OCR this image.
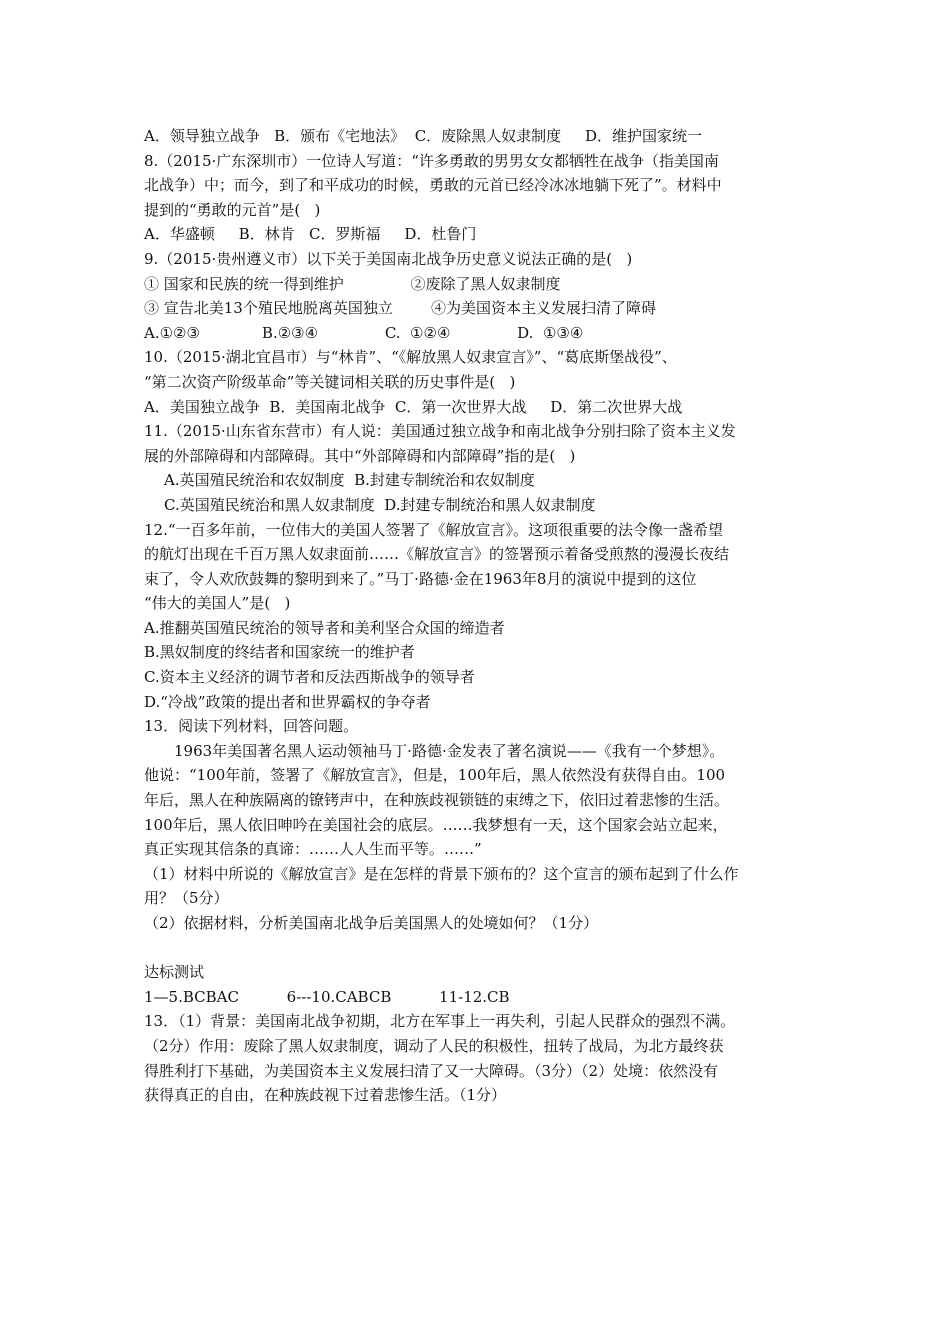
A．领导独立战争   B．颁布《宅地法》  C．废除黑人奴隶制度     D．维护国家统一
8.（2015·广东深圳市）一位诗人写道：“许多勇敢的男男女女都牺牲在战争（指美国南
北战争）中；而今，到了和平成功的时候，勇敢的元首已经冷冰冰地躺下死了”。材料中
提到的“勇敢的元首”是(   )
A．华盛顿     B．林肯   C．罗斯福     D．杜鲁门
9.（2015·贵州遵义市）以下关于美国南北战争历史意义说法正确的是(   )
① 国家和民族的统一得到维护              ②废除了黑人奴隶制度
③ 宣告北美13个殖民地脱离英国独立        ④为美国资本主义发展扫清了障碍
A.①②③             B.②③④              C.  ①②④              D.  ①③④
10.（2015·湖北宜昌市）与“林肯”、“《解放黑人奴隶宣言》”、“葛底斯堡战役”、
“第二次资产阶级革命”等关键词相关联的历史事件是(   )
A．美国独立战争  B．美国南北战争  C．第一次世界大战     D．第二次世界大战
11.（2015·山东省东营市）有人说：美国通过独立战争和南北战争分别扫除了资本主义发
展的外部障碍和内部障碍。其中“外部障碍和内部障碍”指的是(   )
A.英国殖民统治和农奴制度  B.封建专制统治和农奴制度
C.英国殖民统治和黑人奴隶制度  D.封建专制统治和黑人奴隶制度
12.“一百多年前，一位伟大的美国人签署了《解放宣言》。这项很重要的法令像一盏希望
的航灯出现在千百万黑人奴隶面前……《解放宣言》的签署预示着备受煎熬的漫漫长夜结
束了，令人欢欣鼓舞的黎明到来了。”马丁·路德·金在1963年8月的演说中提到的这位
“伟大的美国人”是(   )
A.推翻英国殖民统治的领导者和美利坚合众国的缔造者
B.黑奴制度的终结者和国家统一的维护者
C.资本主义经济的调节者和反法西斯战争的领导者
D.“冷战”政策的提出者和世界霸权的争夺者
13．阅读下列材料，回答问题。
1963年美国著名黑人运动领袖马丁·路德·金发表了著名演说——《我有一个梦想》。
他说：“100年前，签署了《解放宣言》，但是，100年后，黑人依然没有获得自由。100
年后，黑人在种族隔离的镣铐声中，在种族歧视锁链的束缚之下，依旧过着悲惨的生活。
100年后，黑人依旧呻吟在美国社会的底层。……我梦想有一天，这个国家会站立起来，
真正实现其信条的真谛：……人人生而平等。……”
（1）材料中所说的《解放宣言》是在怎样的背景下颁布的？这个宣言的颁布起到了什么作
用？（5分）
（2）依据材料，分析美国南北战争后美国黑人的处境如何？（1分）
达标测试
1—5.BCBAC          6---10.CABCB          11-12.CB
13．（1）背景：美国南北战争初期，北方在军事上一再失利，引起人民群众的强烈不满。
（2分）作用：废除了黑人奴隶制度，调动了人民的积极性，扭转了战局，为北方最终获
得胜利打下基础，为美国资本主义发展扫清了又一大障碍。（3分）（2）处境：依然没有
获得真正的自由，在种族歧视下过着悲惨生活。（1分）
